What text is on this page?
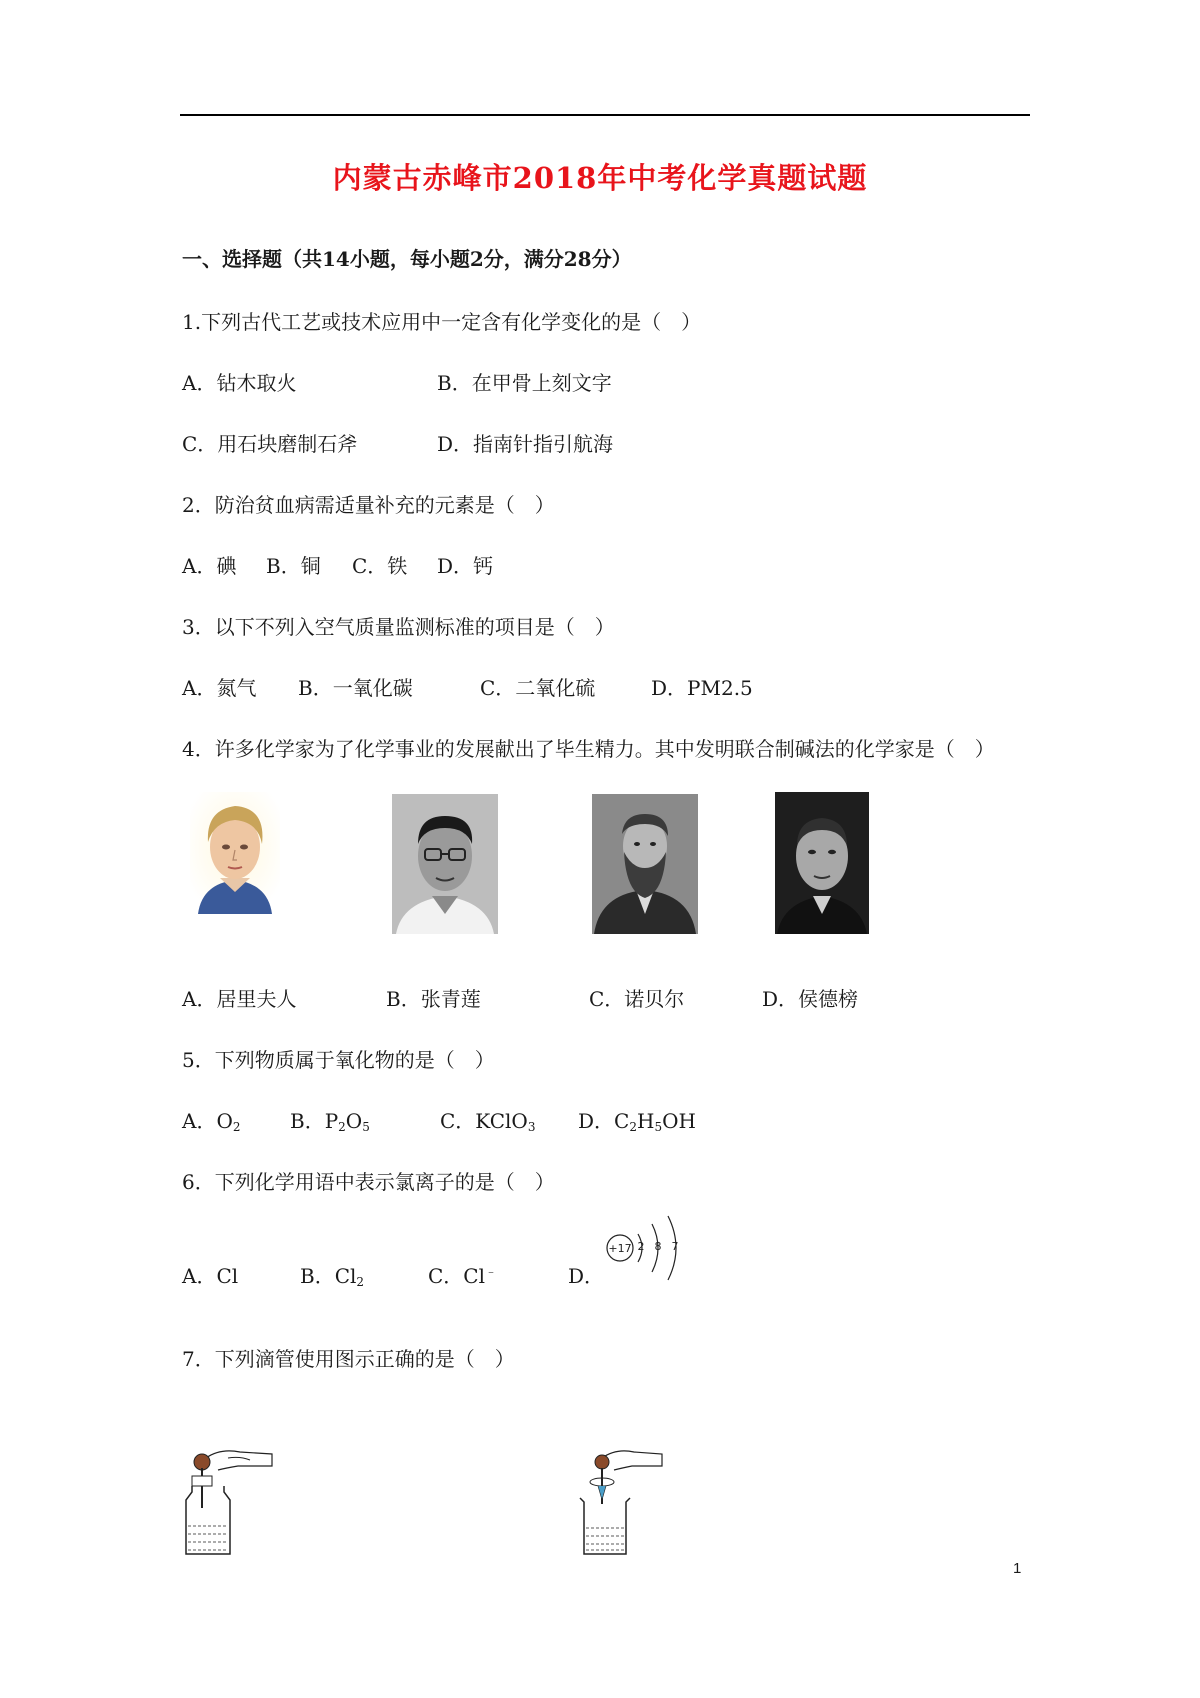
内蒙古赤峰市2018年中考化学真题试题
一、选择题（共14小题，每小题2分，满分28分）
1.下列古代工艺或技术应用中一定含有化学变化的是（　）
A．钻木取火	B．在甲骨上刻文字
C．用石块磨制石斧	D．指南针指引航海
2．防治贫血病需适量补充的元素是（　）
A．碘 B．铜 C．铁 D．钙
3．以下不列入空气质量监测标准的项目是（　）
A．氮气 B．一氧化碳	C．二氧化硫	D．PM2.5
4．许多化学家为了化学事业的发展献出了毕生精力。其中发明联合制碱法的化学家是（　）
A．居里夫人	B．张青莲	C．诺贝尔	D．侯德榜
5．下列物质属于氧化物的是（　）
A．$O_2$ B．$P_2O_5$	C．KClO$_3$ D．$C_2H_5OH$
6．下列化学用语中表示氯离子的是（　）
A．Cl	B．$Cl_2$	C．Cl﹣	D．
+17 2 8 7
7．下列滴管使用图示正确的是（　）
1
